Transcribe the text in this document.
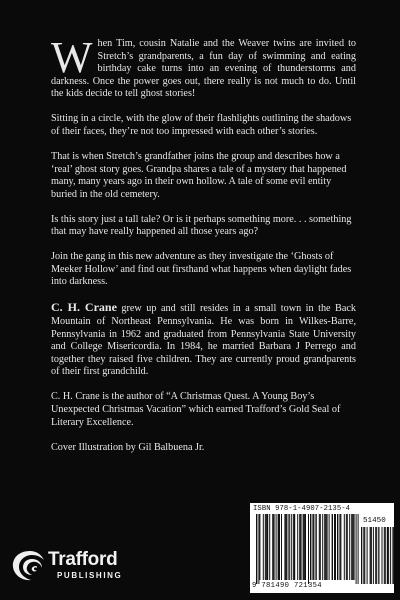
When Tim, cousin Natalie and the Weaver twins are invited to Stretch’s grandparents, a fun day of swimming and eating birthday cake turns into an evening of thunderstorms and darkness. Once the power goes out, there really is not much to do. Until the kids decide to tell ghost stories!

Sitting in a circle, with the glow of their flashlights outlining the shadows of their faces, they’re not too impressed with each other’s stories.

That is when Stretch’s grandfather joins the group and describes how a ‘real’ ghost story goes. Grandpa shares a tale of a mystery that happened many, many years ago in their own hollow. A tale of some evil entity buried in the old cemetery.

Is this story just a tall tale? Or is it perhaps something more. . . something that may have really happened all those years ago?

Join the gang in this new adventure as they investigate the ‘Ghosts of Meeker Hollow’ and find out firsthand what happens when daylight fades into darkness.

C. H. Crane grew up and still resides in a small town in the Back Mountain of Northeast Pennsylvania. He was born in Wilkes-Barre, Pennsylvania in 1962 and graduated from Pennsylvania State University and College Misericordia. In 1984, he married Barbara J Perrego and together they raised five children. They are currently proud grandparents of their first grandchild.

C. H. Crane is the author of “A Christmas Quest. A Young Boy’s Unexpected Christmas Vacation” which earned Trafford’s Gold Seal of Literary Excellence.

Cover Illustration by Gil Balbuena Jr.

Trafford
PUBLISHING
ISBN 978-1-4907-2135-4
51450
9 781490 721354
